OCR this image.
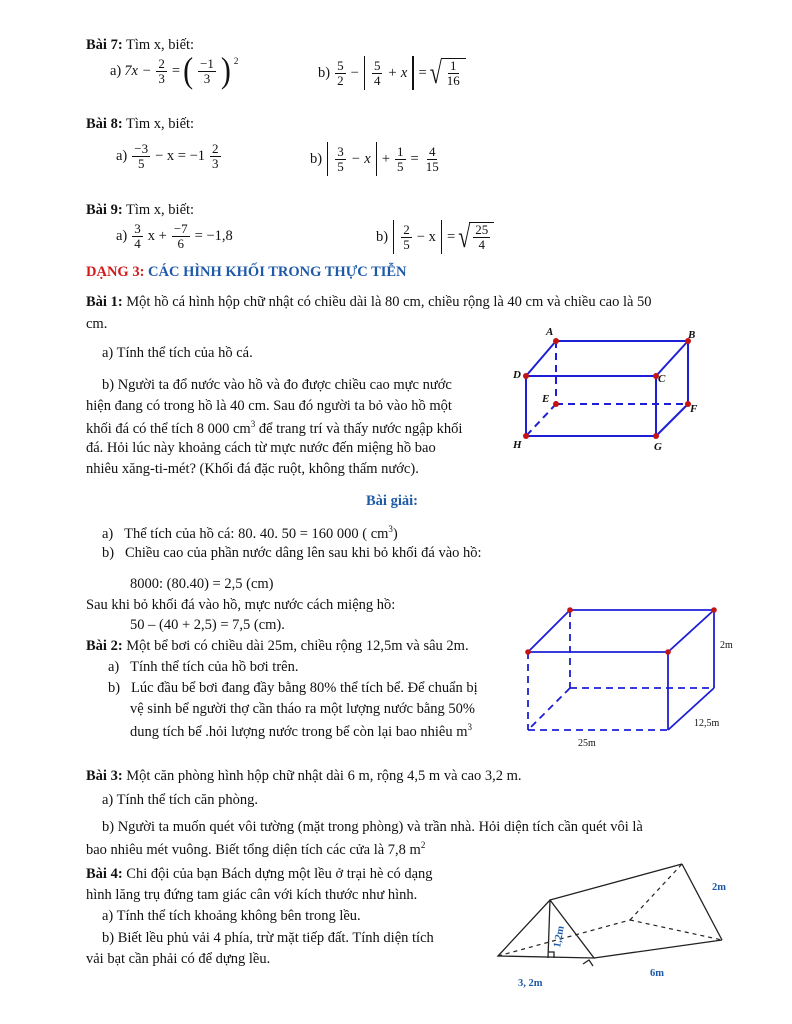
Bài 7: Tìm x, biết:
a) $7x - \frac{2}{3}$ = ( $\frac{-1}{3}$ ) $^2$
$b) \frac{5}{2} - \frac{5}{4} + x$ = √ $\frac{1}{16}$
Bài 8: Tìm x, biết:
$a) \frac{-3}{5} - x = -1 \frac{2}{3}$	$b) \frac{3}{5} - x + \frac{1}{5} = \frac{4}{15}$
Bài 9: Tìm x, biết:
$a) \frac{3}{4}$ $x + \frac{-7}{6} = -1,8$	$b) \frac{2}{5} - x$ = √ $\frac{25}{4}$
DẠNG 3: CÁC HÌNH KHỐI TRONG THỰC TIỄN
Bài 1: Một hồ cá hình hộp chữ nhật có chiều dài là 80 cm, chiều rộng là 40 cm và chiều cao là 50
cm.
a) Tính thể tích của hồ cá.
b) Người ta đổ nước vào hồ và đo được chiều cao mực nước
hiện đang có trong hồ là 40 cm. Sau đó người ta bỏ vào hồ một
khối đá có thể tích 8 000 $cm^3$ để trang trí và thấy nước ngập khối
đá. Hỏi lúc này khoảng cách từ mực nước đến miệng hồ bao
nhiêu xăng-ti-mét? (Khối đá đặc ruột, không thấm nước).
A	B
D	C
E
F
H	G
Bài giải:
a) Thể tích của hồ cá: 80. 40. 50 = 160 000 ( $cm^3$)
b) Chiều cao của phần nước dâng lên sau khi bỏ khối đá vào hồ:
8000: (80.40) = 2,5 (cm)
Sau khi bỏ khối đá vào hồ, mực nước cách miệng hồ:
50 – (40 + 2,5) = 7,5 (cm).
Bài 2: Một bể bơi có chiều dài 25m, chiều rộng 12,5m và sâu 2m.
a) Tính thể tích của hồ bơi trên.
b) Lúc đầu bể bơi đang đầy bằng 80% thể tích bể. Để chuẩn bị
vệ sinh bể người thợ cần tháo ra một lượng nước bằng 50%
dung tích bể .hỏi lượng nước trong bể còn lại bao nhiêu $m^3$
2m
12,5m
25m
Bài 3: Một căn phòng hình hộp chữ nhật dài 6 m, rộng 4,5 m và cao 3,2 m.
a) Tính thể tích căn phòng.
b) Người ta muốn quét vôi tường (mặt trong phòng) và trần nhà. Hỏi diện tích cần quét vôi là
bao nhiêu mét vuông. Biết tổng diện tích các cửa là 7,8 $m^2$
Bài 4: Chi đội của bạn Bách dựng một lều ở trại hè có dạng
hình lăng trụ đứng tam giác cân với kích thước như hình.
a) Tính thể tích khoảng không bên trong lều.
b) Biết lều phủ vải 4 phía, trừ mặt tiếp đất. Tính diện tích
vải bạt cần phải có để dựng lều.
2m
1,2m
3, 2m
6m
